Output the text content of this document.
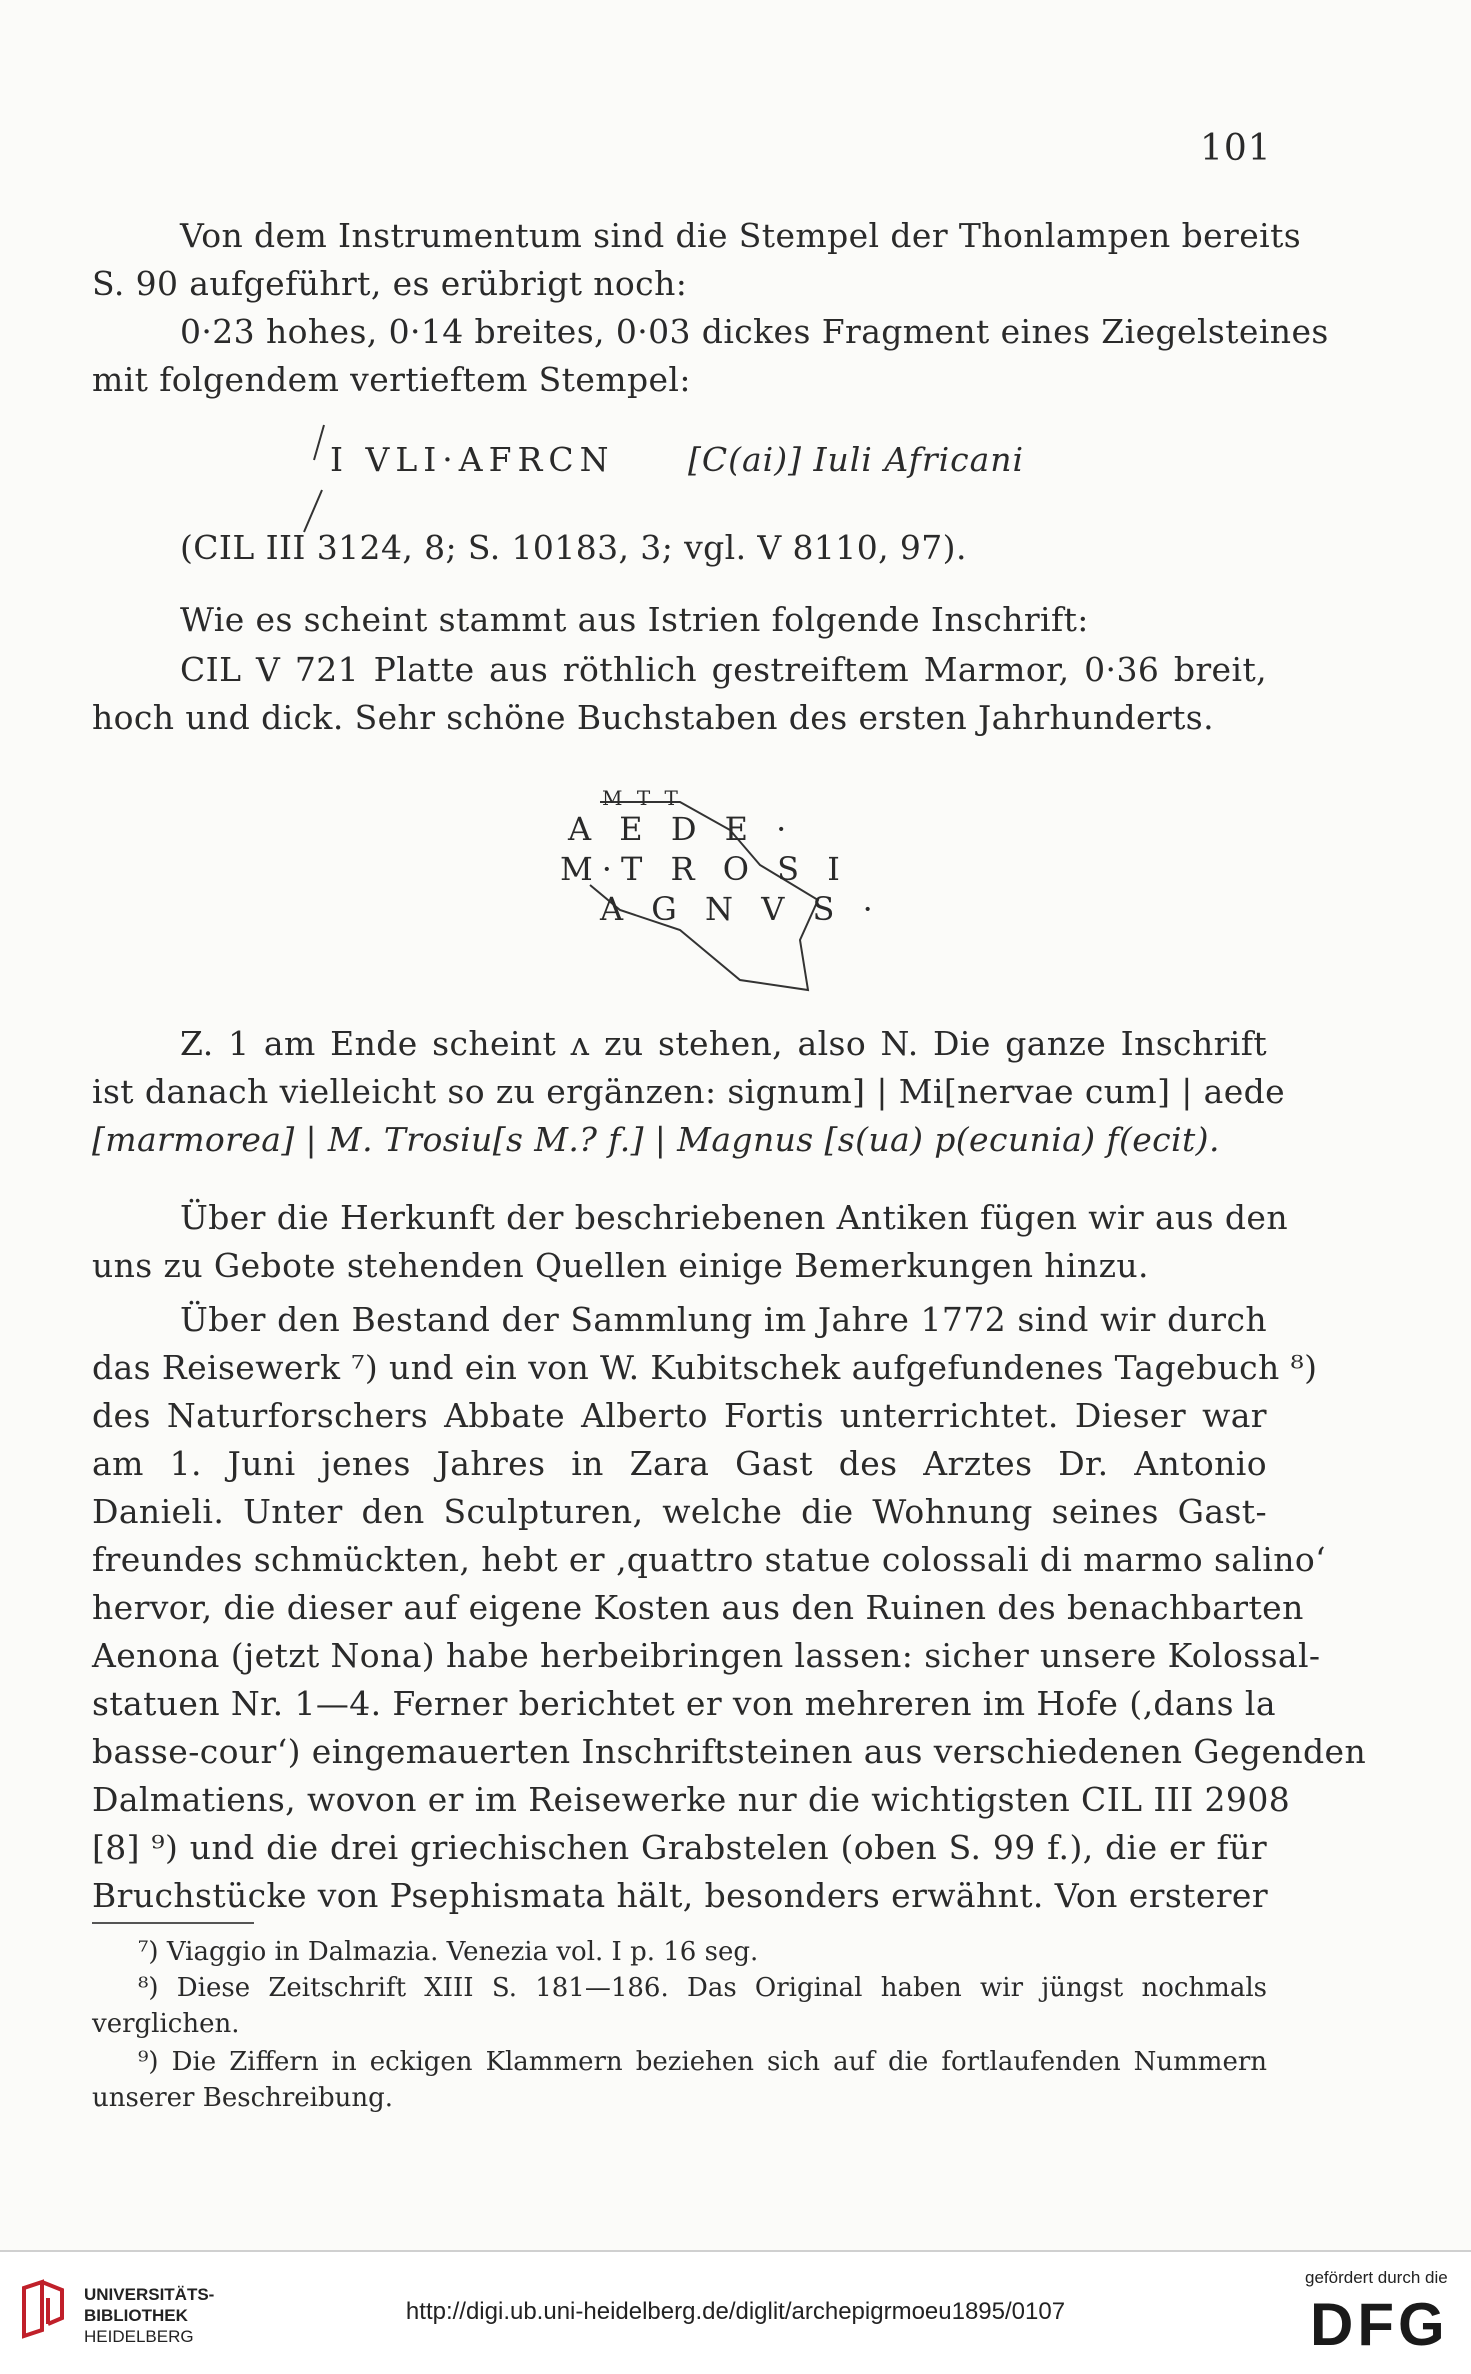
101
Von dem Instrumentum sind die Stempel der Thonlampen bereits
S. 90 aufgeführt, es erübrigt noch:
0·23 hohes, 0·14 breites, 0·03 dickes Fragment eines Ziegelsteines
mit folgendem vertieftem Stempel:
I VLI·AFRCN [C(ai)] Iuli Africani
(CIL III 3124, 8; S. 10183, 3; vgl. V 8110, 97).
Wie es scheint stammt aus Istrien folgende Inschrift:
CIL V 721 Platte aus röthlich gestreiftem Marmor, 0·36 breit,
hoch und dick. Sehr schöne Buchstaben des ersten Jahrhunderts.
M T T
A E D E ·
M·T R O S I
A G N V S ·
Z. 1 am Ende scheint ʌ zu stehen, also N. Die ganze Inschrift
ist danach vielleicht so zu ergänzen: signum] | Mi[nervae cum] | aede
[marmorea] | M. Trosiu[s M.? f.] | Magnus [s(ua) p(ecunia) f(ecit).
Über die Herkunft der beschriebenen Antiken fügen wir aus den
uns zu Gebote stehenden Quellen einige Bemerkungen hinzu.
Über den Bestand der Sammlung im Jahre 1772 sind wir durch
das Reisewerk ⁷) und ein von W. Kubitschek aufgefundenes Tagebuch ⁸)
des Naturforschers Abbate Alberto Fortis unterrichtet. Dieser war
am 1. Juni jenes Jahres in Zara Gast des Arztes Dr. Antonio
Danieli. Unter den Sculpturen, welche die Wohnung seines Gast-
freundes schmückten, hebt er ‚quattro statue colossali di marmo salino‘
hervor, die dieser auf eigene Kosten aus den Ruinen des benachbarten
Aenona (jetzt Nona) habe herbeibringen lassen: sicher unsere Kolossal-
statuen Nr. 1—4. Ferner berichtet er von mehreren im Hofe (‚dans la
basse-cour‘) eingemauerten Inschriftsteinen aus verschiedenen Gegenden
Dalmatiens, wovon er im Reisewerke nur die wichtigsten CIL III 2908
[8] ⁹) und die drei griechischen Grabstelen (oben S. 99 f.), die er für
Bruchstücke von Psephismata hält, besonders erwähnt. Von ersterer
⁷) Viaggio in Dalmazia. Venezia vol. I p. 16 seg.
⁸) Diese Zeitschrift XIII S. 181—186. Das Original haben wir jüngst nochmals
verglichen.
⁹) Die Ziffern in eckigen Klammern beziehen sich auf die fortlaufenden Nummern
unserer Beschreibung.
UNIVERSITÄTS-
BIBLIOTHEK
HEIDELBERG
http://digi.ub.uni-heidelberg.de/diglit/archepigrmoeu1895/0107
gefördert durch die
DFG
